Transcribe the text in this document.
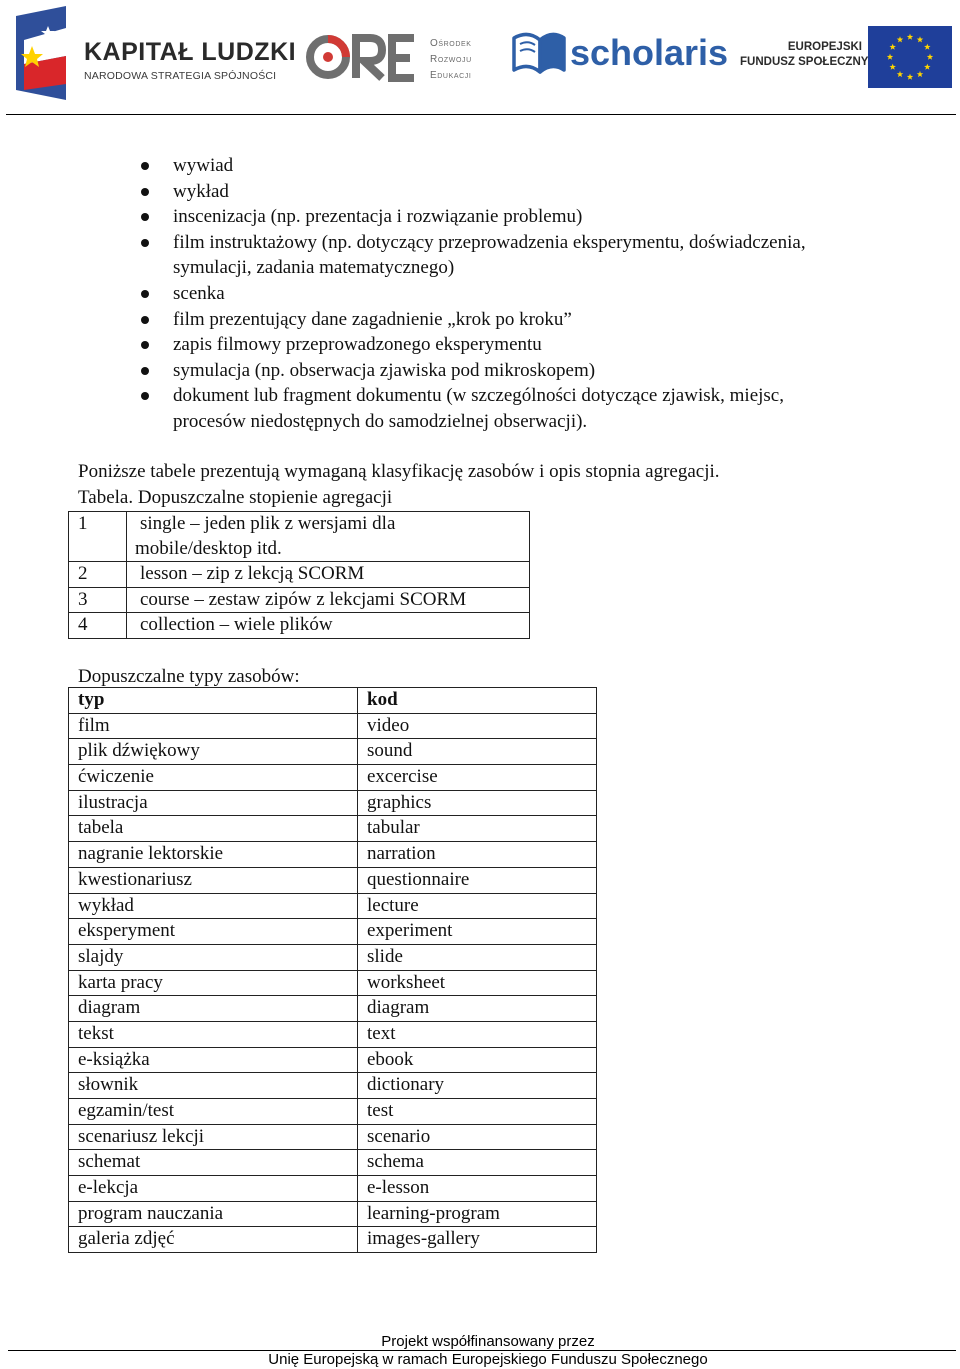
KAPITAŁ LUDZKI
NARODOWA STRATEGIA SPÓJNOŚCI
Ośrodek
Rozwoju
Edukacji
scholaris	EUROPEJSKI
FUNDUSZ SPOŁECZNY
wywiad
wykład
inscenizacja (np. prezentacja i rozwiązanie problemu)
film instruktażowy (np. dotyczący przeprowadzenia eksperymentu, doświadczenia,
symulacji, zadania matematycznego)
scenka
film prezentujący dane zagadnienie „krok po kroku”
zapis filmowy przeprowadzonego eksperymentu
symulacja (np. obserwacja zjawiska pod mikroskopem)
dokument lub fragment dokumentu (w szczególności dotyczące zjawisk, miejsc,
procesów niedostępnych do samodzielnej obserwacji).
Poniższe tabele prezentują wymaganą klasyfikację zasobów i opis stopnia agregacji.
Tabela. Dopuszczalne stopienie agregacji
1	single – jeden plik z wersjami dla
mobile/desktop itd.

2	lesson – zip z lekcją SCORM

3	course – zestaw zipów z lekcjami SCORM

4	collection – wiele plików
Dopuszczalne typy zasobów:
typ	kod
film	video
plik dźwiękowy	sound
ćwiczenie	excercise
ilustracja	graphics
tabela	tabular
nagranie lektorskie	narration
kwestionariusz	questionnaire
wykład	lecture
eksperyment	experiment
slajdy	slide
karta pracy	worksheet
diagram	diagram
tekst	text
e-książka	ebook
słownik	dictionary
egzamin/test	test
scenariusz lekcji	scenario
schemat	schema
e-lekcja	e-lesson
program nauczania	learning-program
galeria zdjęć	images-gallery
Projekt współfinansowany przez
Unię Europejską w ramach Europejskiego Funduszu Społecznego
